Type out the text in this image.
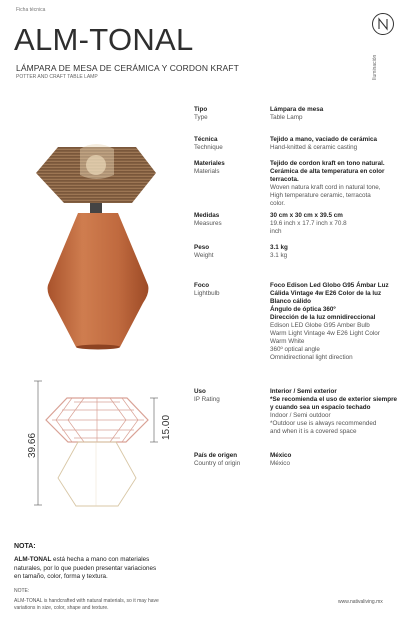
Ficha técnica
ALM-TONAL
LÁMPARA DE MESA DE CERÁMICA Y CORDON KRAFT
POTTER AND CRAFT TABLE LAMP	Iluminación
Tipo
Type
Lámpara de mesa
Table Lamp
Técnica
Technique
Tejido a mano, vaciado de cerámica
Hand-knitted & ceramic casting
Materiales
Materials
Tejido de cordon kraft en tono natural.
Cerámica de alta temperatura en color
terracota.
Woven natura kraft cord in natural tone,
High temperature ceramic, terracota
color.
Medidas
Measures
30 cm x 30 cm x 39.5 cm
19.6 inch x 17.7 inch x 70.8
inch
Peso
Weight
3.1 kg
3.1 kg
Foco
Lightbulb
Foco Edison Led Globo G95 Ámbar Luz
Cálida Vintage 4w E26 Color de la luz
Blanco cálido
Ángulo de óptica 360º
Dirección de la luz omnidireccional
Edison LED Globe G95 Amber Bulb
Warm Light Vintage 4w E26 Light Color
Warm White
360º optical angle
Omnidirectional light direction
Uso
IP Rating
Interior / Semi exterior
*Se recomienda el uso de exterior siempre
y cuando sea un espacio techado
Indoor / Semi outdoor
*Outdoor use is always recommended
and when it is a covered space
País de origen
Country of origin
México
México
39.66
15.00
NOTA:
ALM-TONAL está hecha a mano con materiales naturales, por lo que pueden presentar variaciones en tamaño, color, forma y textura.
NOTE:
ALM-TONAL is handcrafted with natural materials, so it may have variations in size, color, shape and texture.
www.nativaliving.mx
